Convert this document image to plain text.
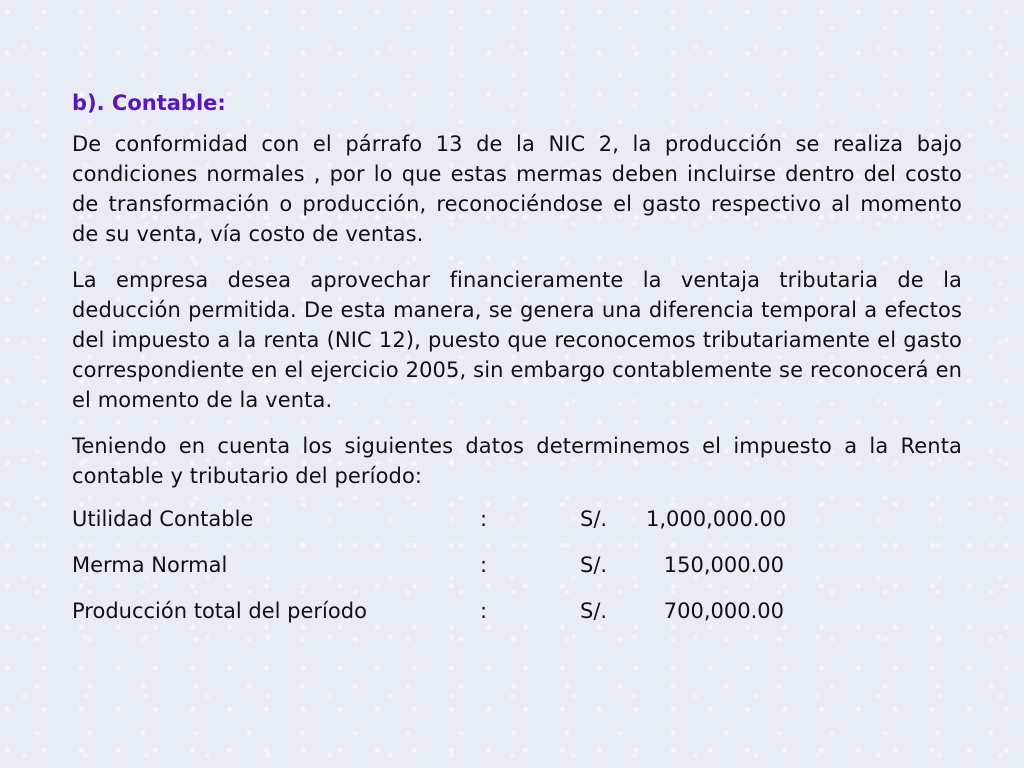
b). Contable:

De conformidad con el párrafo 13 de la NIC 2, la producción se realiza bajo condiciones normales , por lo que estas mermas deben incluirse dentro del costo de transformación o producción, reconociéndose el gasto respectivo al momento de su venta, vía costo de ventas.

La empresa desea aprovechar financieramente la ventaja tributaria de la deducción permitida. De esta manera, se genera una diferencia temporal a efectos del impuesto a la renta (NIC 12), puesto que reconocemos tributariamente el gasto correspondiente en el ejercicio 2005, sin embargo contablemente se reconocerá en el momento de la venta.

Teniendo en cuenta los siguientes datos determinemos el impuesto a la Renta contable y tributario del período:

Utilidad Contable	:	S/.	1,000,000.00
Merma Normal	:	S/.	150,000.00
Producción total del período	:	S/.	700,000.00
